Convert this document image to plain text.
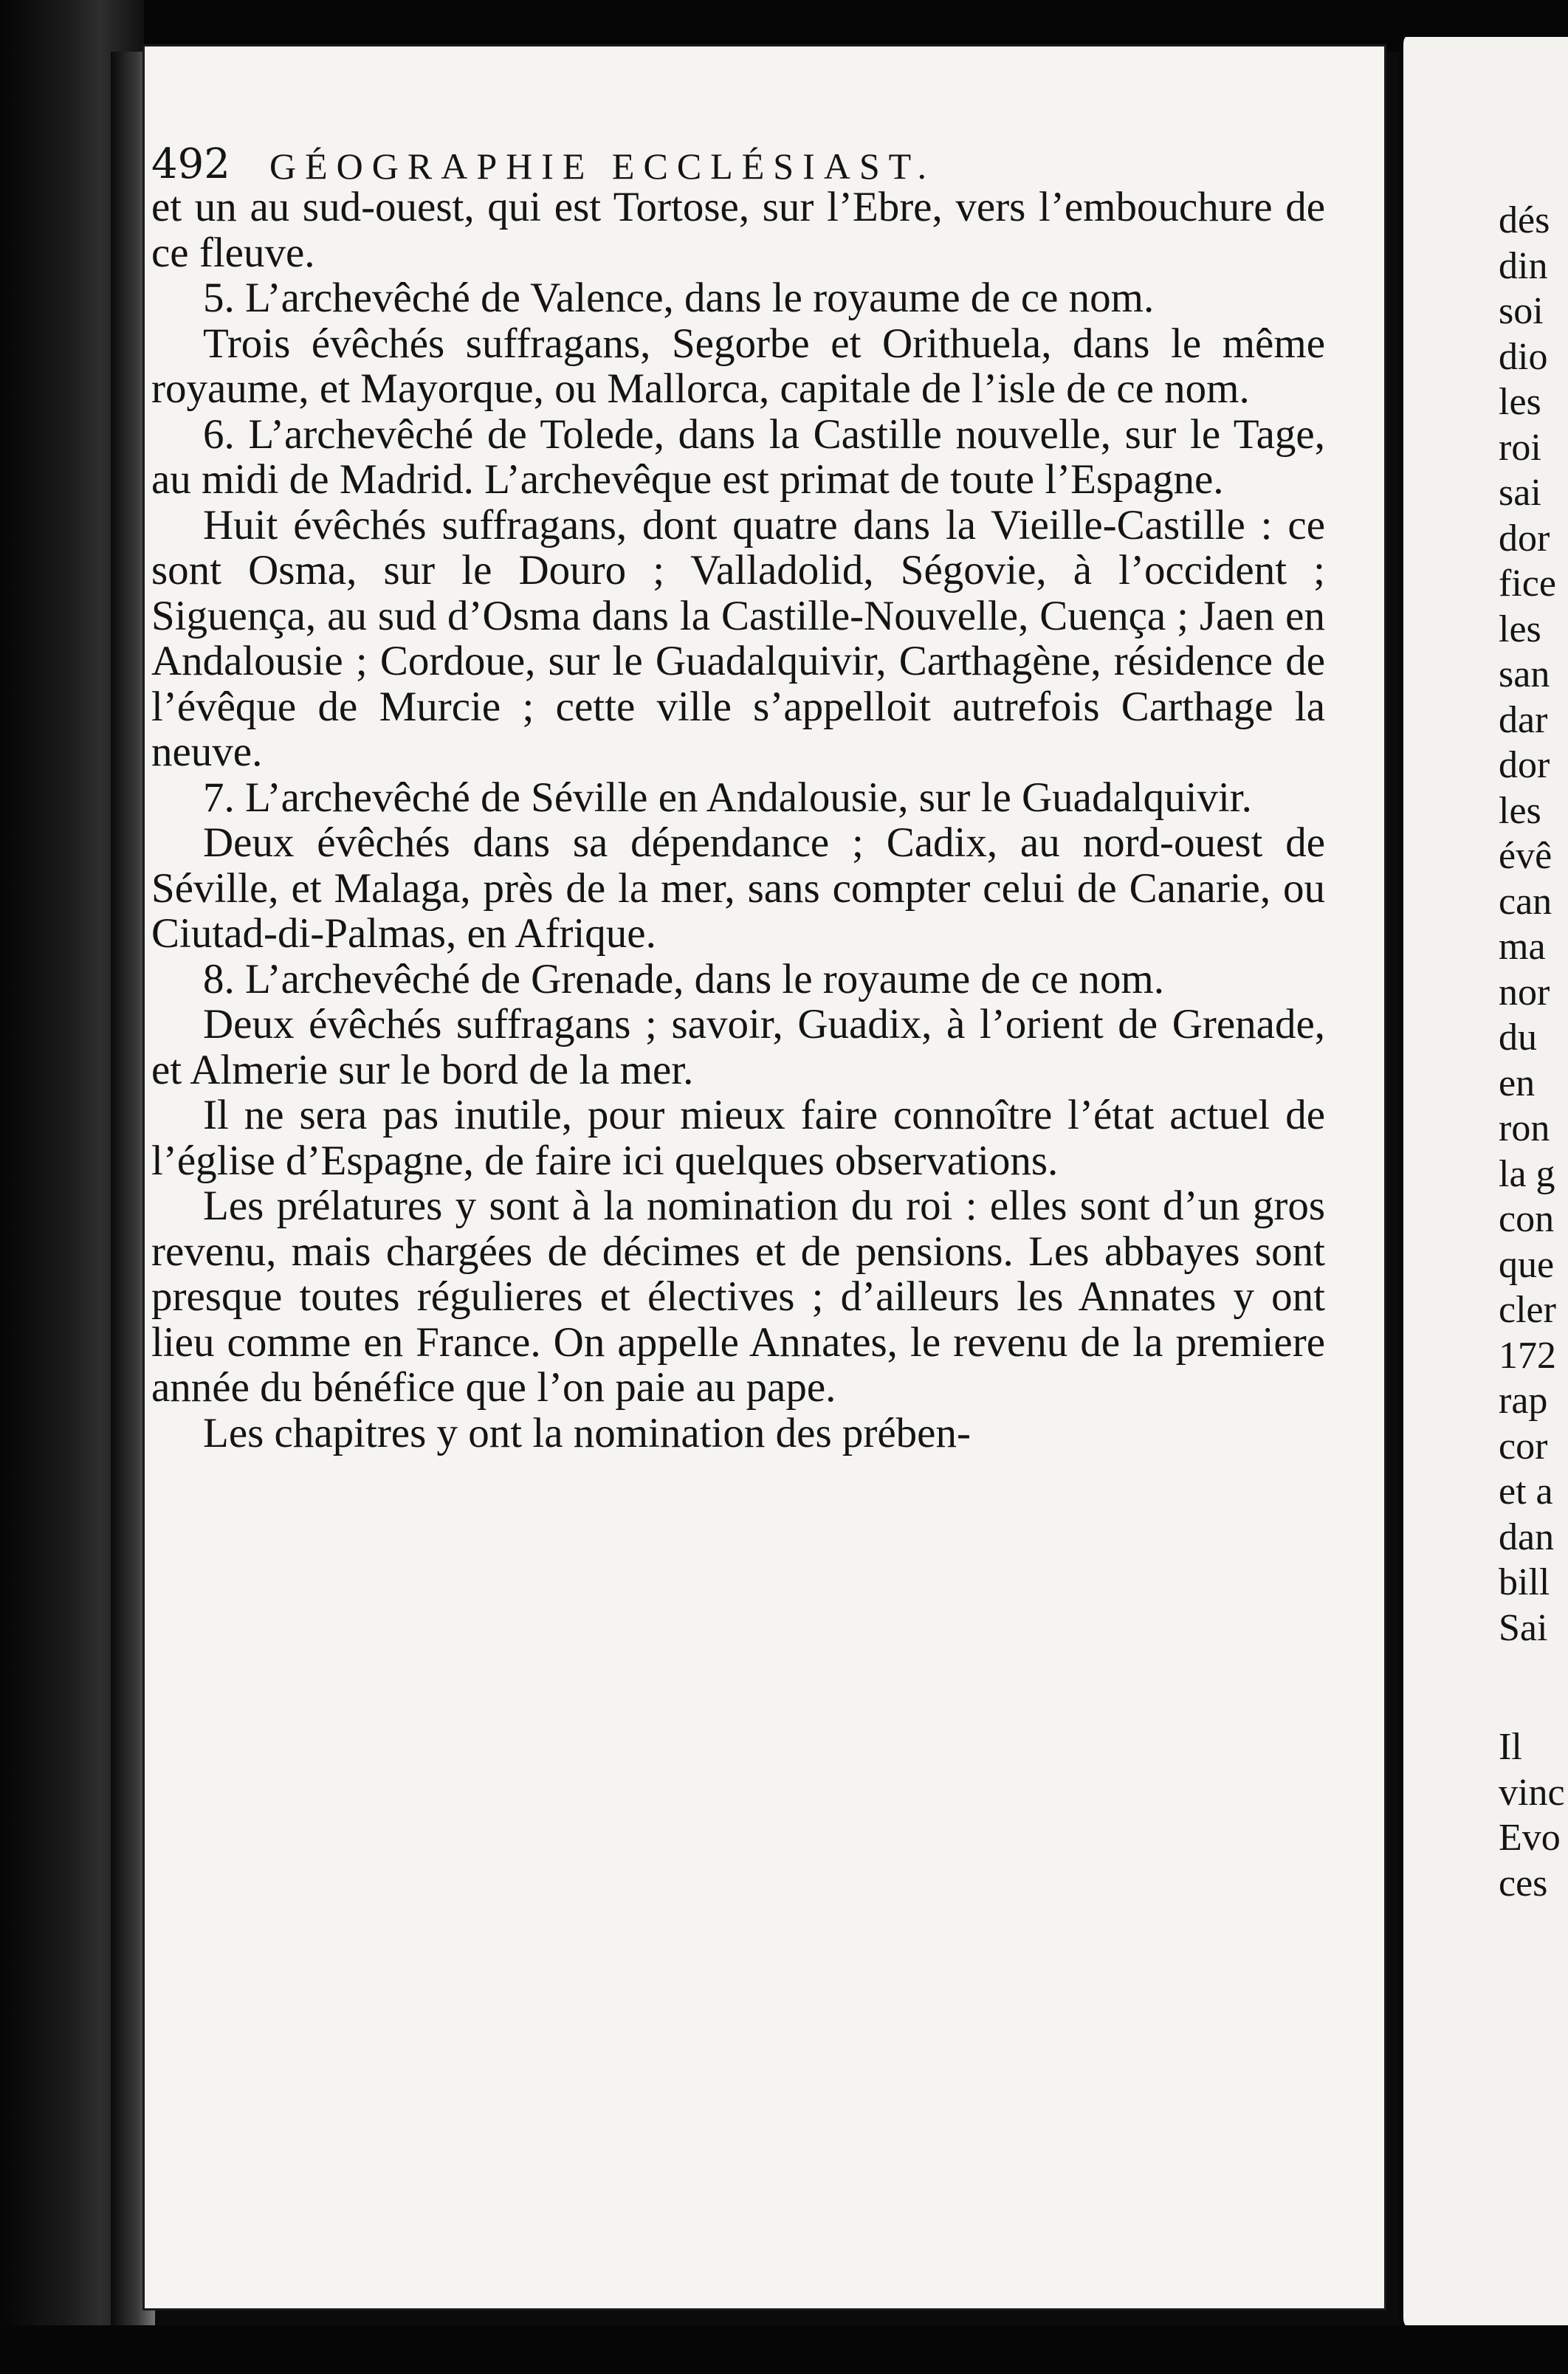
492 GÉOGRAPHIE ECCLÉSIAST.

et un au sud-ouest, qui est Tortose, sur l’Ebre, vers l’embouchure de ce fleuve.

5. L’archevêché de Valence, dans le royaume de ce nom.

Trois évêchés suffragans, Segorbe et Orithuela, dans le même royaume, et Mayorque, ou Mallorca, capitale de l’isle de ce nom.

6. L’archevêché de Tolede, dans la Castille nouvelle, sur le Tage, au midi de Madrid. L’archevêque est primat de toute l’Espagne.

Huit évêchés suffragans, dont quatre dans la Vieille-Castille : ce sont Osma, sur le Douro ; Valladolid, Ségovie, à l’occident ; Siguença, au sud d’Osma dans la Castille-Nouvelle, Cuença ; Jaen en Andalousie ; Cordoue, sur le Guadalquivir, Carthagène, résidence de l’évêque de Murcie ; cette ville s’appelloit autrefois Carthage la neuve.

7. L’archevêché de Séville en Andalousie, sur le Guadalquivir.

Deux évêchés dans sa dépendance ; Cadix, au nord-ouest de Séville, et Malaga, près de la mer, sans compter celui de Canarie, ou Ciutad-di-Palmas, en Afrique.

8. L’archevêché de Grenade, dans le royaume de ce nom.

Deux évêchés suffragans ; savoir, Guadix, à l’orient de Grenade, et Almerie sur le bord de la mer.

Il ne sera pas inutile, pour mieux faire connoître l’état actuel de l’église d’Espagne, de faire ici quelques observations.

Les prélatures y sont à la nomination du roi : elles sont d’un gros revenu, mais chargées de décimes et de pensions. Les abbayes sont presque toutes régulieres et électives ; d’ailleurs les Annates y ont lieu comme en France. On appelle Annates, le revenu de la premiere année du bénéfice que l’on paie au pape.

Les chapitres y ont la nomination des prében-

dés
din
soi
dio
les
roi
sai
dor
fice
les
san
dar
dor
les
évê
can
ma
nor
du
en
ron
la g
con
que
cler
172
rap
cor
et a
dan
bill
Sai
Il
vinc
Evo
ces
